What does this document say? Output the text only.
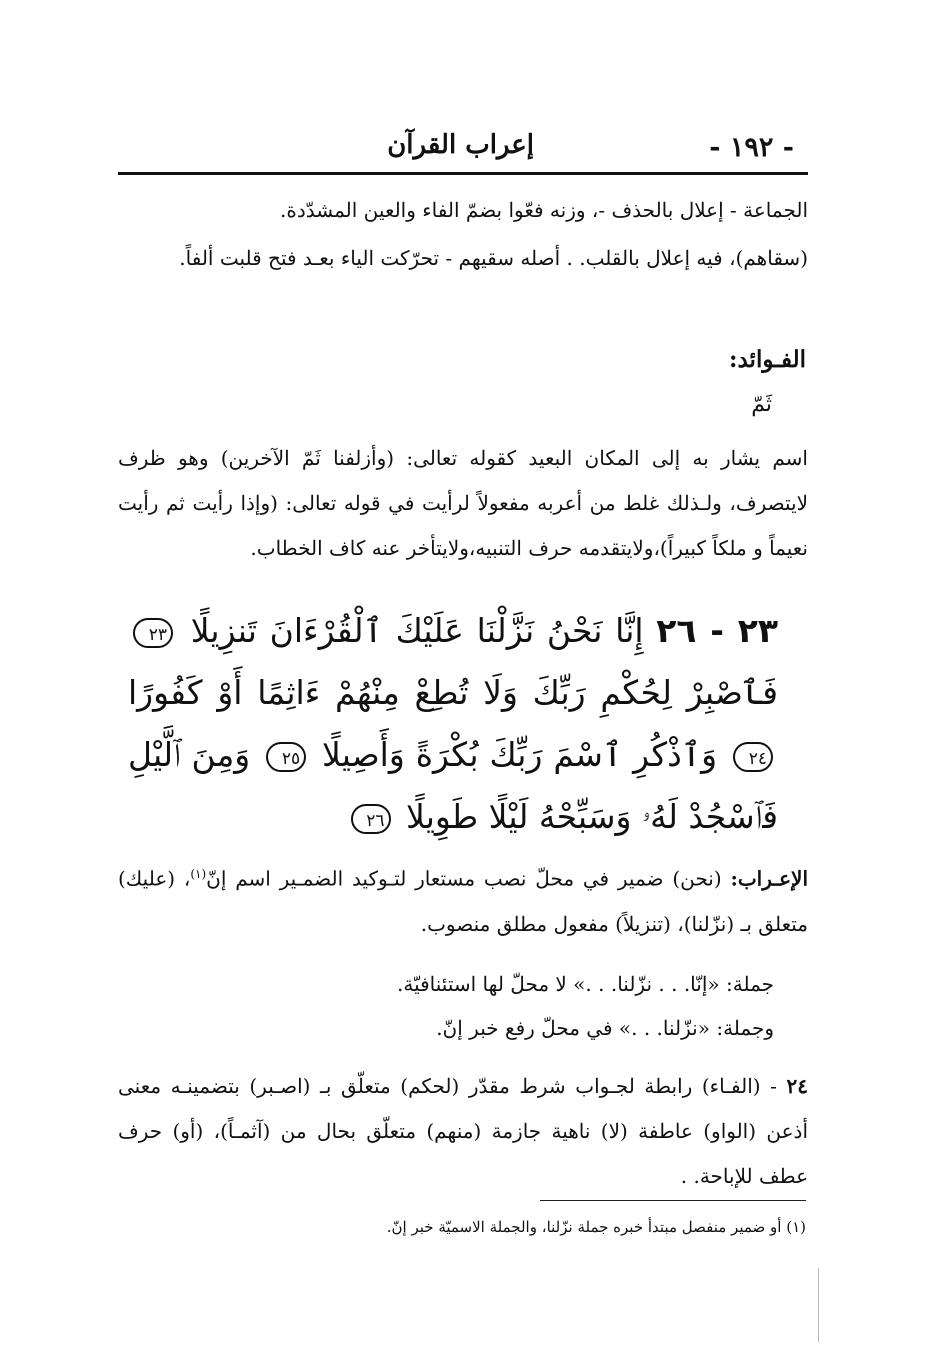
- ١٩٢ -
إعراب القرآن
الجماعة - إعلال بالحذف -، وزنه فعّوا بضمّ الفاء والعين المشدّدة.
(سقاهم)، فيه إعلال بالقلب. . أصله سقيهم - تحرّكت الياء بعـد فتح قلبت ألفاً.
الفـوائد:
ثَمّ
اسم يشار به إلى المكان البعيد كقوله تعالى: (وأزلفنا ثَمّ الآخرين) وهو ظرف لايتصرف، ولـذلك غلط من أعربه مفعولاً لرأيت في قوله تعالى: (وإذا رأيت ثم رأيت نعيماً و ملكاً كبيراً)،ولايتقدمه حرف التنبيه،ولايتأخر عنه كاف الخطاب.
٢٣ - ٢٦ إِنَّا نَحْنُ نَزَّلْنَا عَلَيْكَ ٱلْقُرْءَانَ تَنزِيلًا ٢٣ فَٱصْبِرْ لِحُكْمِ رَبِّكَ وَلَا تُطِعْ مِنْهُمْ ءَاثِمًا أَوْ كَفُورًا ٢٤ وَٱذْكُرِ ٱسْمَ رَبِّكَ بُكْرَةً وَأَصِيلًا ٢٥ وَمِنَ ٱلَّيْلِ فَٱسْجُدْ لَهُۥ وَسَبِّحْهُ لَيْلًا طَوِيلًا ٢٦
الإعـراب: (نحن) ضمير في محلّ نصب مستعار لتـوكيد الضمـير اسم إنّ$^{(١)}$، (عليك) متعلق بـ (نزّلنا)، (تنزيلاً) مفعول مطلق منصوب.
جملة: «إنّا. . . نزّلنا. . .» لا محلّ لها استئنافيّة.
وجملة: «نزّلنا. . .» في محلّ رفع خبر إنّ.
٢٤ - (الفـاء) رابطة لجـواب شرط مقدّر (لحكم) متعلّق بـ (اصـبر) بتضمينـه معنى أذعن (الواو) عاطفة (لا) ناهية جازمة (منهم) متعلّق بحال من (آثمـاً)، (أو) حرف عطف للإباحة. .
(١) أو ضمير منفصل مبتدأ خبره جملة نزّلنا، والجملة الاسميّة خبر إنّ.
